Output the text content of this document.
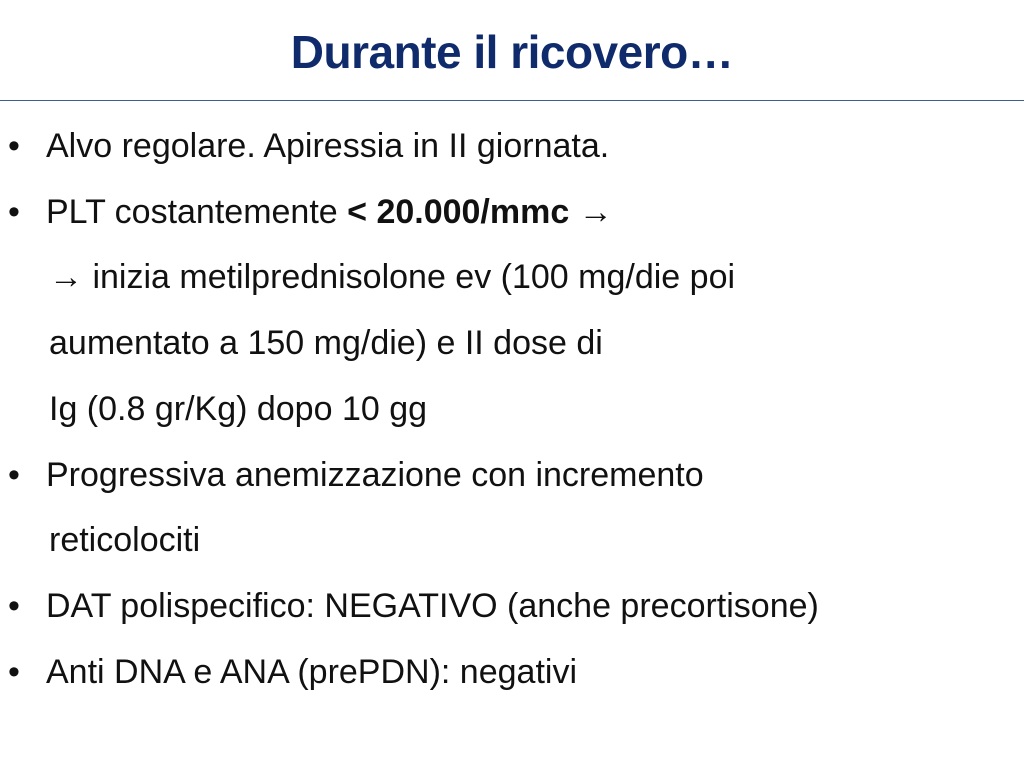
Durante il ricovero…
• Alvo regolare. Apiressia in II giornata.
• PLT costantemente < 20.000/mmc →
→ inizia metilprednisolone ev (100 mg/die poi
aumentato a 150 mg/die) e II dose di
Ig (0.8 gr/Kg) dopo 10 gg
• Progressiva anemizzazione con incremento
reticolociti
• DAT polispecifico: NEGATIVO (anche precortisone)
• Anti DNA e ANA (prePDN): negativi
